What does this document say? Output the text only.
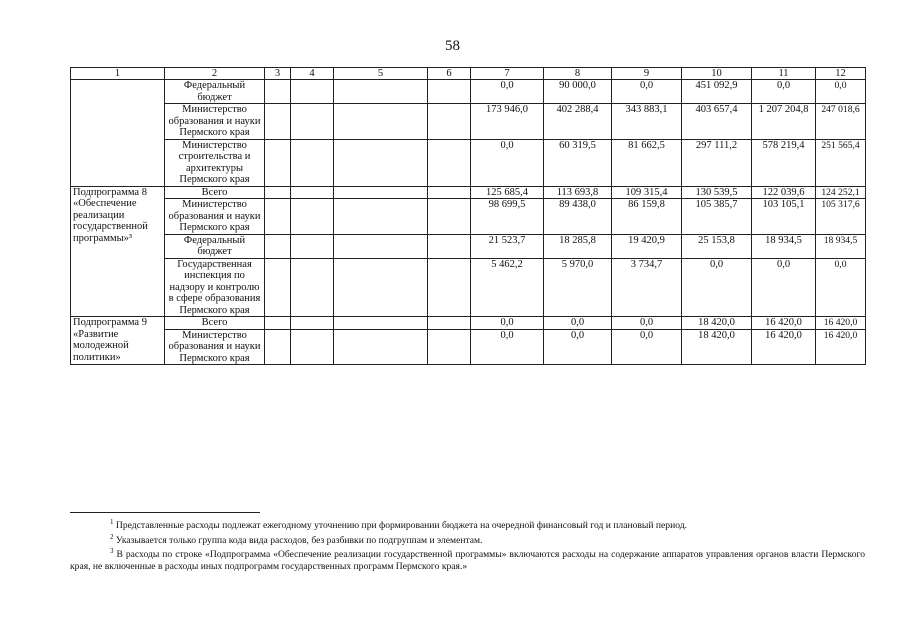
58
1	2	3	4	5	6	7	8	9	10	11	12
	Федеральный бюджет					0,0	90 000,0	0,0	451 092,9	0,0	0,0
	Министерство образования и науки Пермского края					173 946,0	402 288,4	343 883,1	403 657,4	1 207 204,8	247 018,6
	Министерство строительства и архитектуры Пермского края					0,0	60 319,5	81 662,5	297 111,2	578 219,4	251 565,4
Подпрограмма 8 «Обеспечение реализации государственной программы»³	Всего					125 685,4	113 693,8	109 315,4	130 539,5	122 039,6	124 252,1
	Министерство образования и науки Пермского края					98 699,5	89 438,0	86 159,8	105 385,7	103 105,1	105 317,6
	Федеральный бюджет					21 523,7	18 285,8	19 420,9	25 153,8	18 934,5	18 934,5
	Государственная инспекция по надзору и контролю в сфере образования Пермского края					5 462,2	5 970,0	3 734,7	0,0	0,0	0,0
Подпрограмма 9 «Развитие молодежной политики»	Всего					0,0	0,0	0,0	18 420,0	16 420,0	16 420,0
	Министерство образования и науки Пермского края					0,0	0,0	0,0	18 420,0	16 420,0	16 420,0
$^1$ Представленные расходы подлежат ежегодному уточнению при формировании бюджета на очередной финансовый год и плановый период.
$^2$ Указывается только группа кода вида расходов, без разбивки по подгруппам и элементам.
$^3$ В расходы по строке «Подпрограмма «Обеспечение реализации государственной программы» включаются расходы на содержание аппаратов управления органов власти Пермского края, не включенные в расходы иных подпрограмм государственных программ Пермского края.»
